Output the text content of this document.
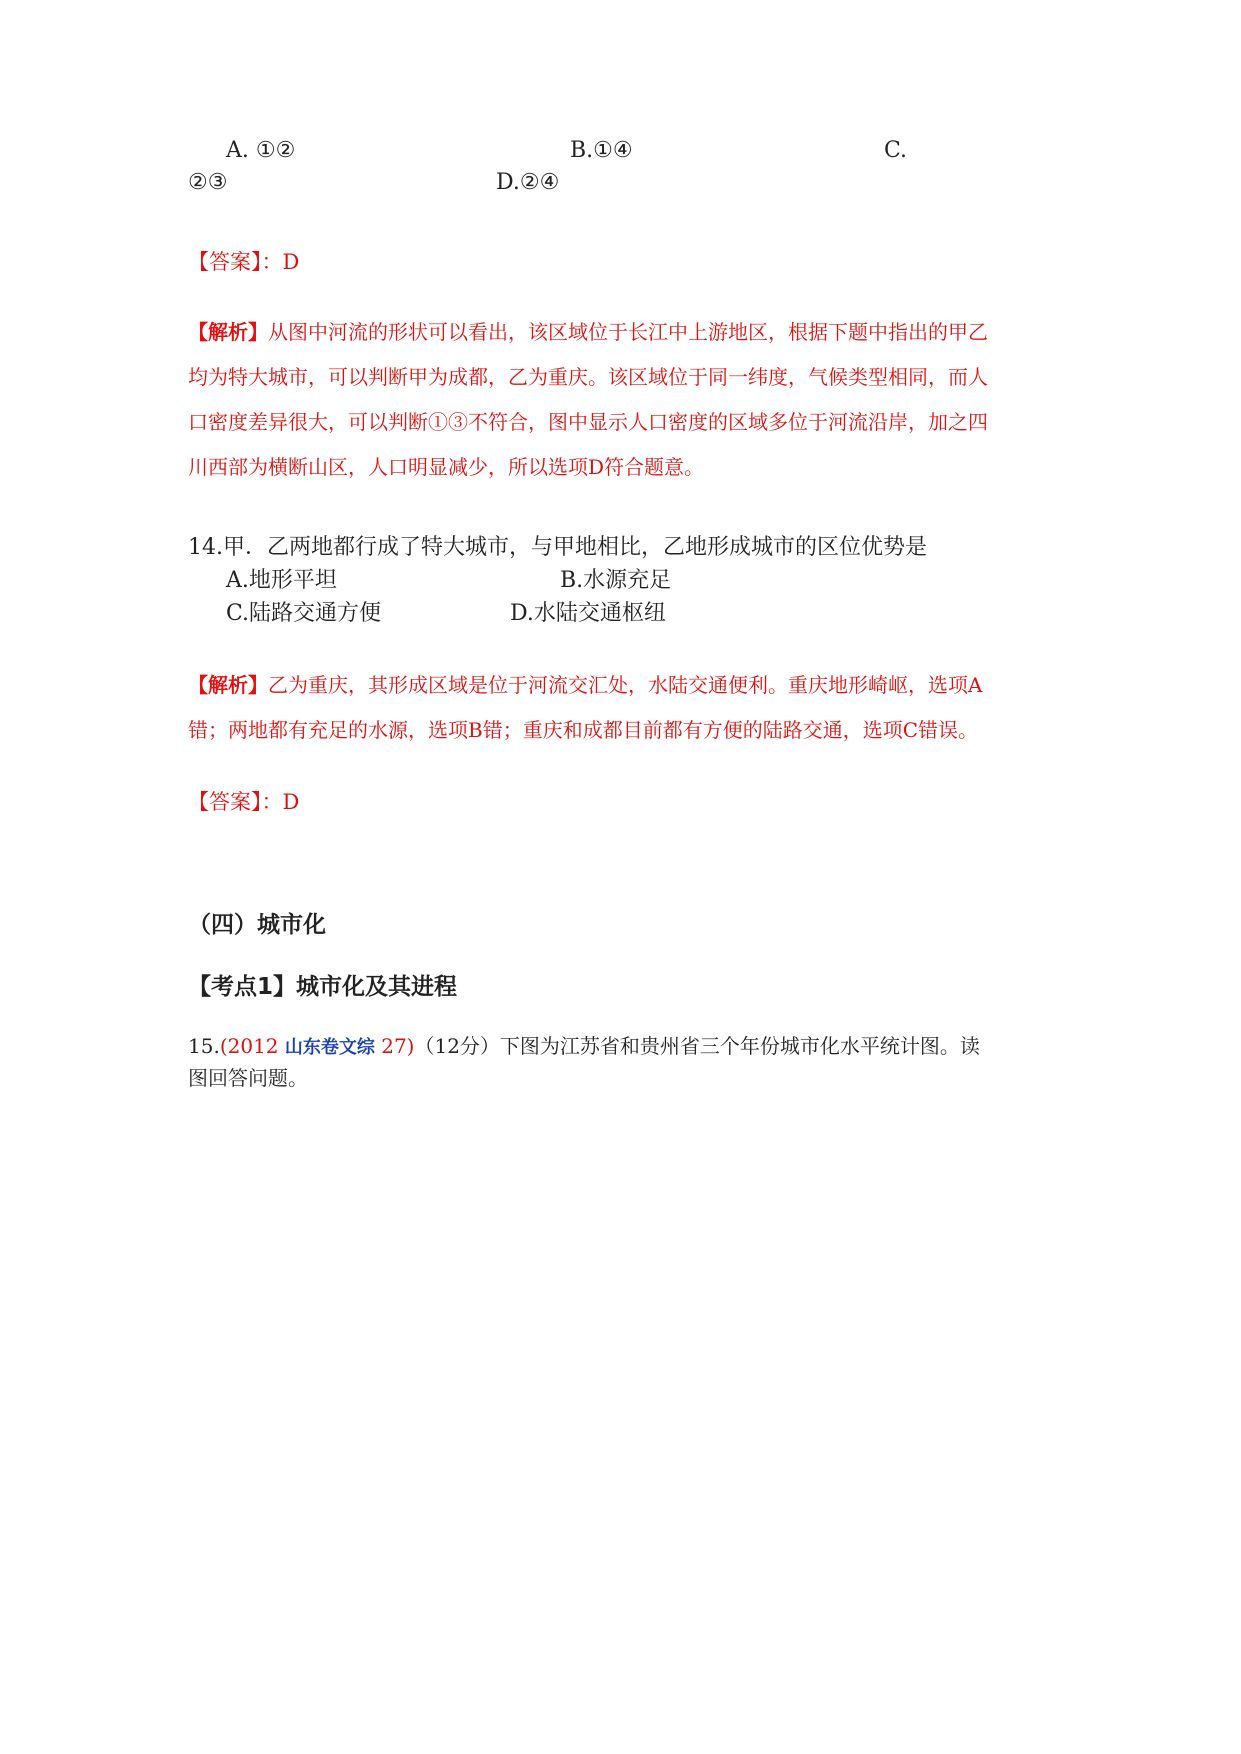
A. ①②	B.①④	C.
②③	D.②④
【答案】：D
【解析】从图中河流的形状可以看出，该区域位于长江中上游地区，根据下题中指出的甲乙
均为特大城市，可以判断甲为成都，乙为重庆。该区域位于同一纬度，气候类型相同，而人
口密度差异很大，可以判断①③不符合，图中显示人口密度的区域多位于河流沿岸，加之四
川西部为横断山区，人口明显减少，所以选项D符合题意。
14.甲．乙两地都行成了特大城市，与甲地相比，乙地形成城市的区位优势是
A.地形平坦	B.水源充足
C.陆路交通方便	D.水陆交通枢纽
【解析】乙为重庆，其形成区域是位于河流交汇处，水陆交通便利。重庆地形崎岖，选项A
错；两地都有充足的水源，选项B错；重庆和成都目前都有方便的陆路交通，选项C错误。
【答案】：D
（四）城市化
【考点1】城市化及其进程
15.(2012 山东卷文综 27)（12分）下图为江苏省和贵州省三个年份城市化水平统计图。读
图回答问题。
